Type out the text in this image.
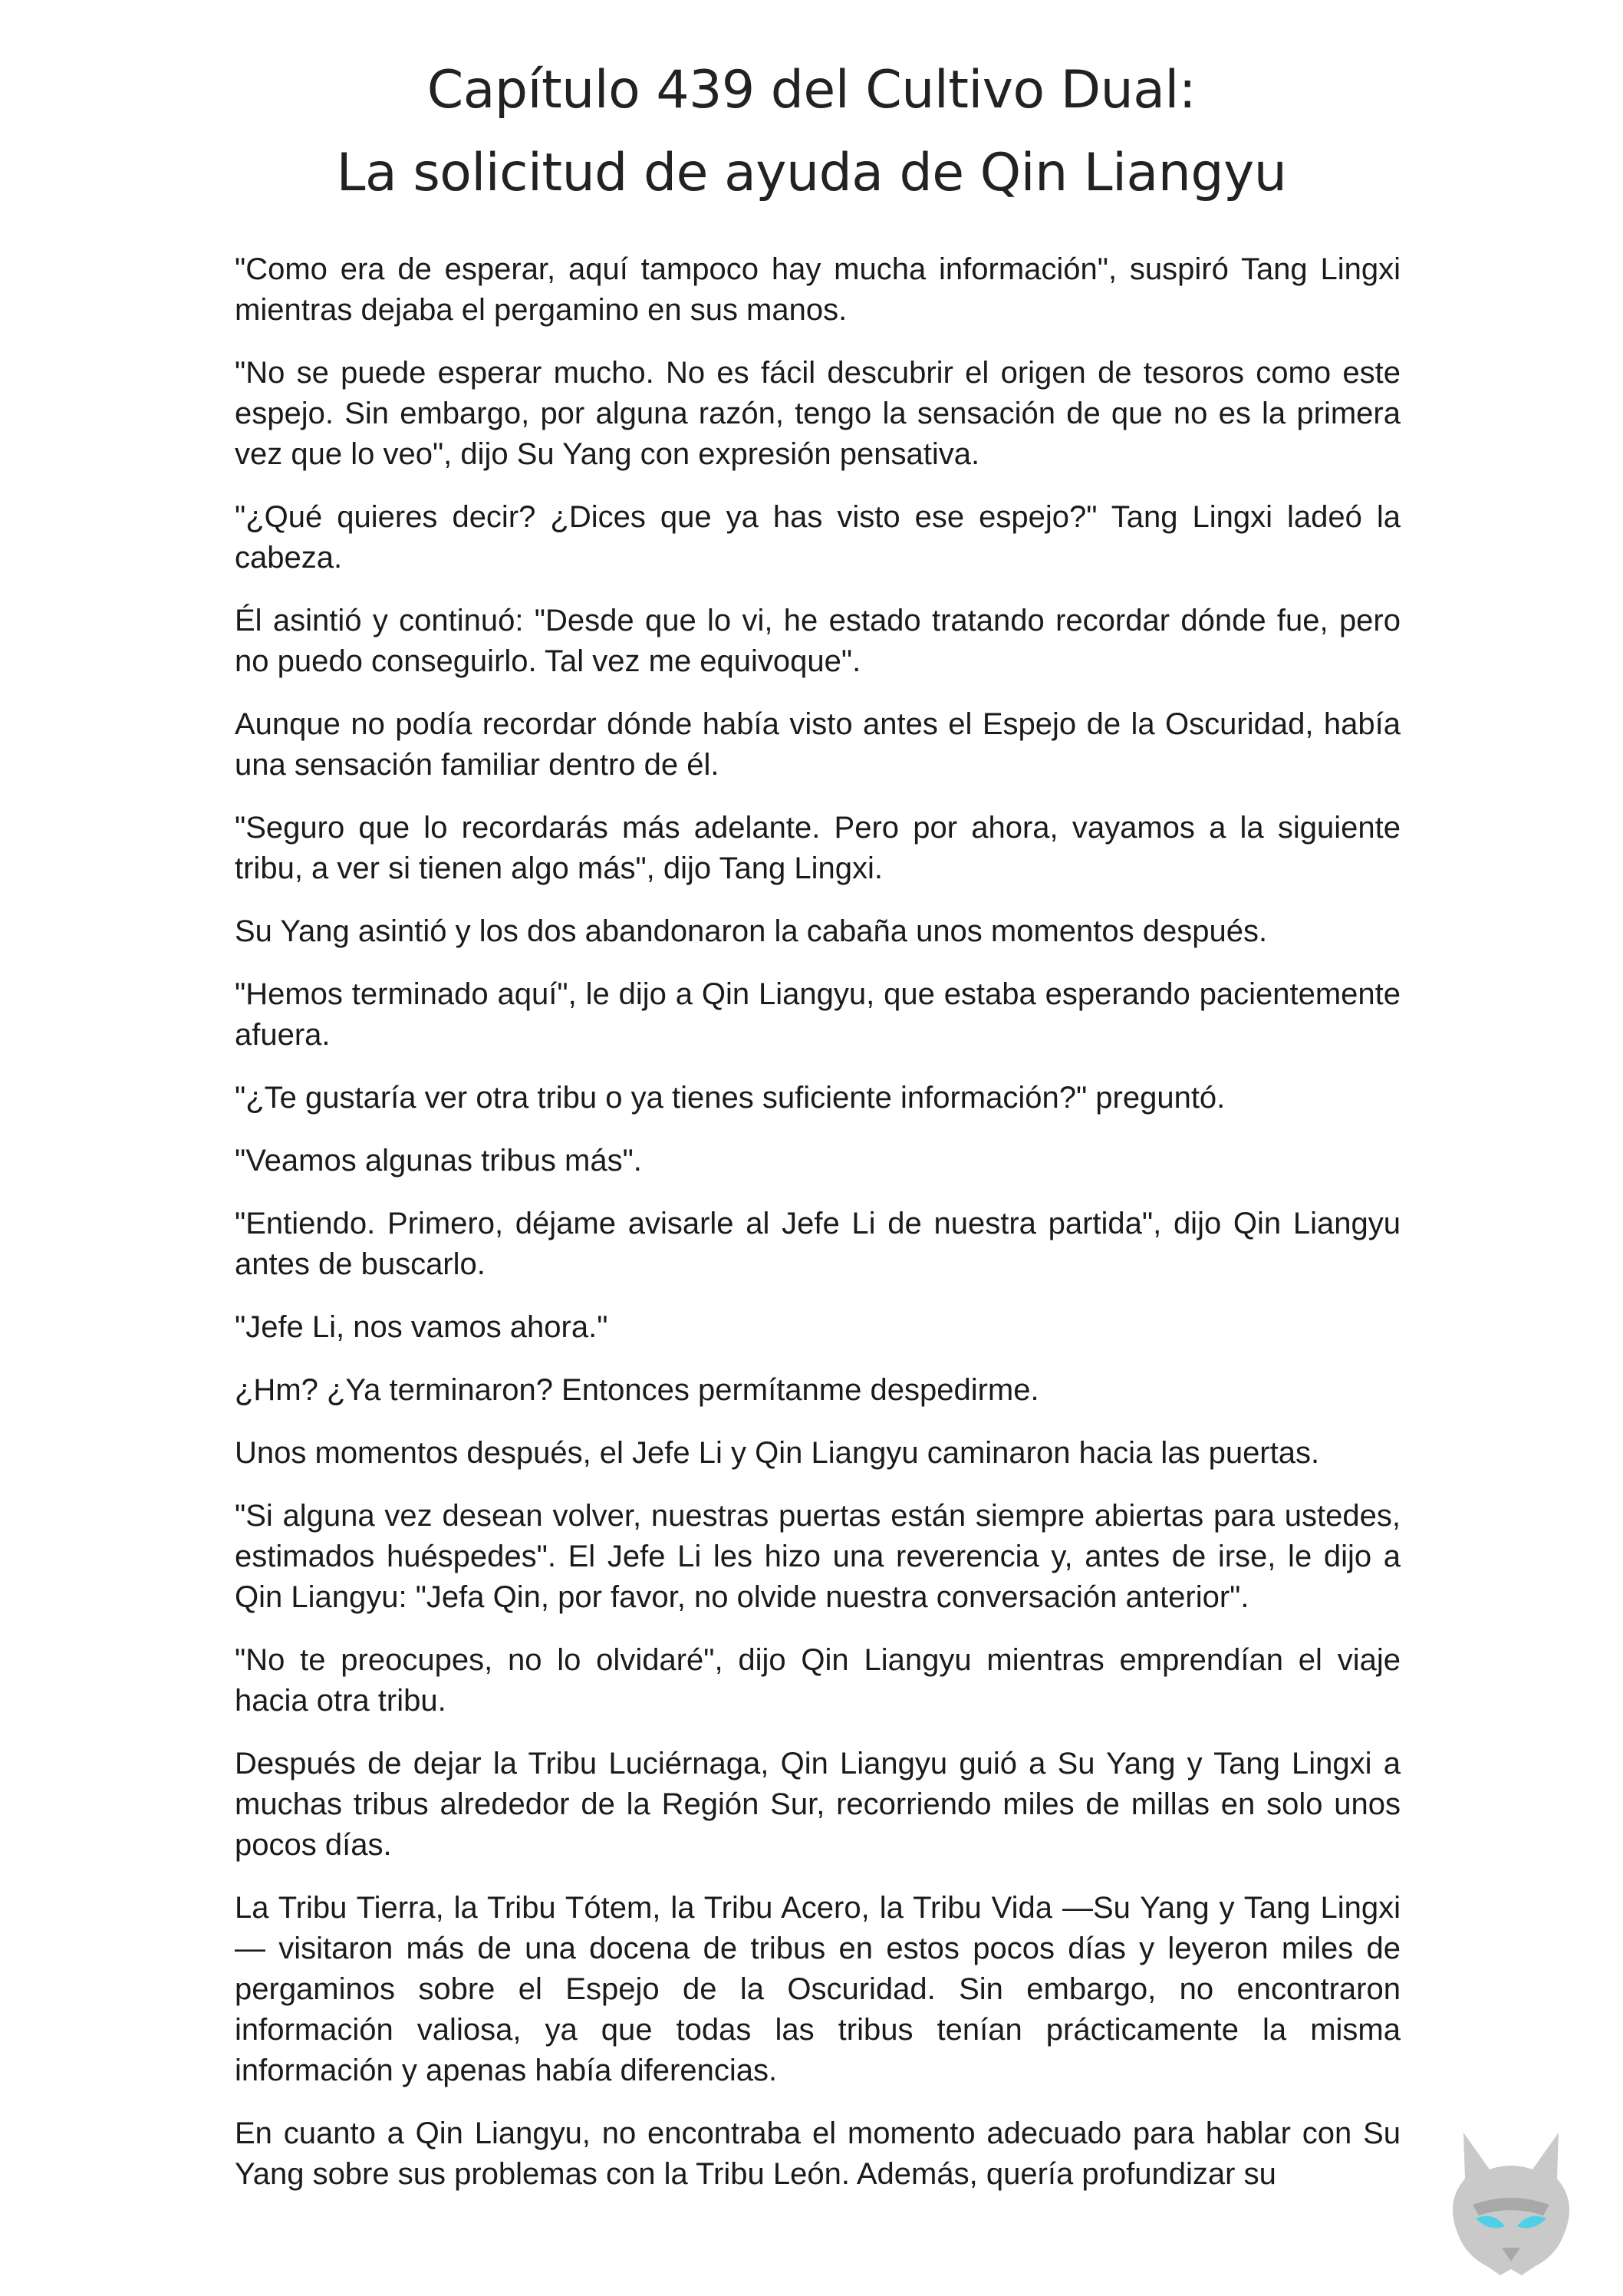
Capítulo 439 del Cultivo Dual:
La solicitud de ayuda de Qin Liangyu

"Como era de esperar, aquí tampoco hay mucha información", suspiró Tang Lingxi mientras dejaba el pergamino en sus manos.

"No se puede esperar mucho. No es fácil descubrir el origen de tesoros como este espejo. Sin embargo, por alguna razón, tengo la sensación de que no es la primera vez que lo veo", dijo Su Yang con expresión pensativa.

"¿Qué quieres decir? ¿Dices que ya has visto ese espejo?" Tang Lingxi ladeó la cabeza.

Él asintió y continuó: "Desde que lo vi, he estado tratando recordar dónde fue, pero no puedo conseguirlo. Tal vez me equivoque".

Aunque no podía recordar dónde había visto antes el Espejo de la Oscuridad, había una sensación familiar dentro de él.

"Seguro que lo recordarás más adelante. Pero por ahora, vayamos a la siguiente tribu, a ver si tienen algo más", dijo Tang Lingxi.

Su Yang asintió y los dos abandonaron la cabaña unos momentos después.

"Hemos terminado aquí", le dijo a Qin Liangyu, que estaba esperando pacientemente afuera.

"¿Te gustaría ver otra tribu o ya tienes suficiente información?" preguntó.

"Veamos algunas tribus más".

"Entiendo. Primero, déjame avisarle al Jefe Li de nuestra partida", dijo Qin Liangyu antes de buscarlo.

"Jefe Li, nos vamos ahora."

¿Hm? ¿Ya terminaron? Entonces permítanme despedirme.

Unos momentos después, el Jefe Li y Qin Liangyu caminaron hacia las puertas.

"Si alguna vez desean volver, nuestras puertas están siempre abiertas para ustedes, estimados huéspedes". El Jefe Li les hizo una reverencia y, antes de irse, le dijo a Qin Liangyu: "Jefa Qin, por favor, no olvide nuestra conversación anterior".

"No te preocupes, no lo olvidaré", dijo Qin Liangyu mientras emprendían el viaje hacia otra tribu.

Después de dejar la Tribu Luciérnaga, Qin Liangyu guió a Su Yang y Tang Lingxi a muchas tribus alrededor de la Región Sur, recorriendo miles de millas en solo unos pocos días.

La Tribu Tierra, la Tribu Tótem, la Tribu Acero, la Tribu Vida —Su Yang y Tang Lingxi— visitaron más de una docena de tribus en estos pocos días y leyeron miles de pergaminos sobre el Espejo de la Oscuridad. Sin embargo, no encontraron información valiosa, ya que todas las tribus tenían prácticamente la misma información y apenas había diferencias.

En cuanto a Qin Liangyu, no encontraba el momento adecuado para hablar con Su Yang sobre sus problemas con la Tribu León. Además, quería profundizar su
